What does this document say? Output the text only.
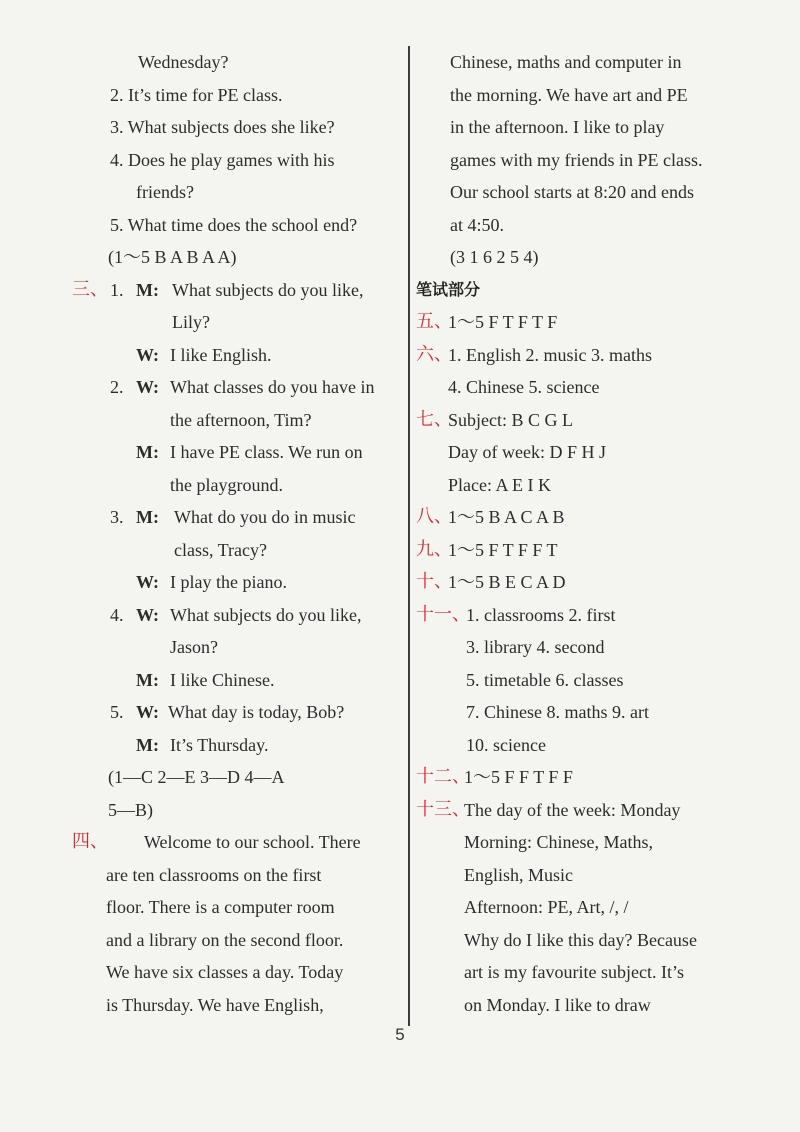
Wednesday?
2. It’s time for PE class.
3. What subjects does she like?
4. Does he play games with his
friends?
5. What time does the school end?
(1～5 B A B A A)
三、 1. M: What subjects do you like,
Lily?
W: I like English.
2. W: What classes do you have in
the afternoon, Tim?
M: I have PE class. We run on
the playground.
3. M: What do you do in music
class, Tracy?
W: I play the piano.
4. W: What subjects do you like,
Jason?
M: I like Chinese.
5. W: What day is today, Bob?
M: It’s Thursday.
(1—C 2—E 3—D 4—A
5—B)
四、 Welcome to our school. There
are ten classrooms on the first
floor. There is a computer room
and a library on the second floor.
We have six classes a day. Today
is Thursday. We have English,
Chinese, maths and computer in
the morning. We have art and PE
in the afternoon. I like to play
games with my friends in PE class.
Our school starts at 8:20 and ends
at 4:50.
(3 1 6 2 5 4)
笔试部分
五、
1～5 F T F T F
六、
1. English 2. music 3. maths
4. Chinese 5. science
七、
Subject: B C G L
Day of week: D F H J
Place: A E I K
八、
1～5 B A C A B
九、
1～5 F T F F T
十、
1～5 B E C A D
十一、
1. classrooms 2. first
3. library 4. second
5. timetable 6. classes
7. Chinese 8. maths 9. art
10. science
十二、
1～5 F F T F F
十三、
The day of the week: Monday
Morning: Chinese, Maths,
English, Music
Afternoon: PE, Art, /, /
Why do I like this day? Because
art is my favourite subject. It’s
on Monday. I like to draw
5
